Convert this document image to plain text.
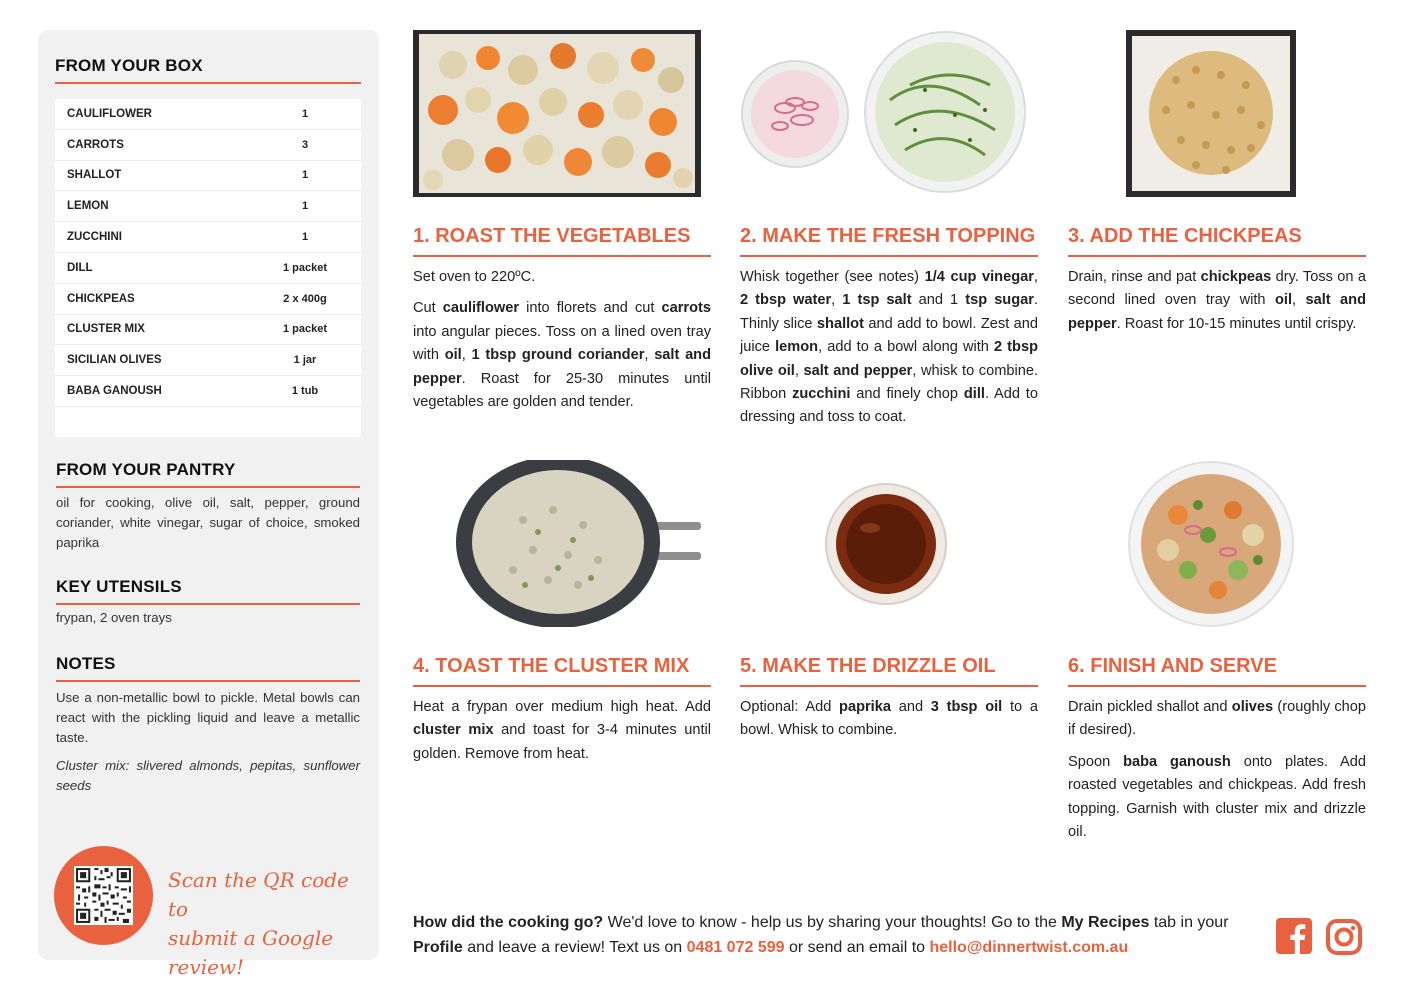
FROM YOUR BOX
CAULIFLOWER	1
CARROTS	3
SHALLOT	1
LEMON	1
ZUCCHINI	1
DILL	1 packet
CHICKPEAS	2 x 400g
CLUSTER MIX	1 packet
SICILIAN OLIVES	1 jar
BABA GANOUSH	1 tub
FROM YOUR PANTRY
oil for cooking, olive oil, salt, pepper, ground coriander, white vinegar, sugar of choice, smoked paprika
KEY UTENSILS
frypan, 2 oven trays
NOTES

Use a non-metallic bowl to pickle. Metal bowls can react with the pickling liquid and leave a metallic taste.

Cluster mix: slivered almonds, pepitas, sunflower seeds

Scan the QR code to
submit a Google review!
1. ROAST THE VEGETABLES	2. MAKE THE FRESH TOPPING 3. ADD THE CHICKPEAS

Set oven to 220ºC.

Cut cauliflower into florets and cut carrots into angular pieces. Toss on a lined oven tray with oil, 1 tbsp ground coriander, salt and pepper. Roast for 25-30 minutes until vegetables are golden and tender.

Whisk together (see notes) 1/4 cup vinegar, 2 tbsp water, 1 tsp salt and 1 tsp sugar. Thinly slice shallot and add to bowl. Zest and juice lemon, add to a bowl along with 2 tbsp olive oil, salt and pepper, whisk to combine. Ribbon zucchini and finely chop dill. Add to dressing and toss to coat.

Drain, rinse and pat chickpeas dry. Toss on a second lined oven tray with oil, salt and pepper. Roast for 10-15 minutes until crispy.

4. TOAST THE CLUSTER MIX	5. MAKE THE DRIZZLE OIL	6. FINISH AND SERVE

Heat a frypan over medium high heat. Add cluster mix and toast for 3-4 minutes until golden. Remove from heat.

Optional: Add paprika and 3 tbsp oil to a bowl. Whisk to combine.

Drain pickled shallot and olives (roughly chop if desired).

Spoon baba ganoush onto plates. Add roasted vegetables and chickpeas. Add fresh topping. Garnish with cluster mix and drizzle oil.

How did the cooking go? We'd love to know - help us by sharing your thoughts! Go to the My Recipes tab in your Profile and leave a review! Text us on 0481 072 599 or send an email to hello@dinnertwist.com.au
